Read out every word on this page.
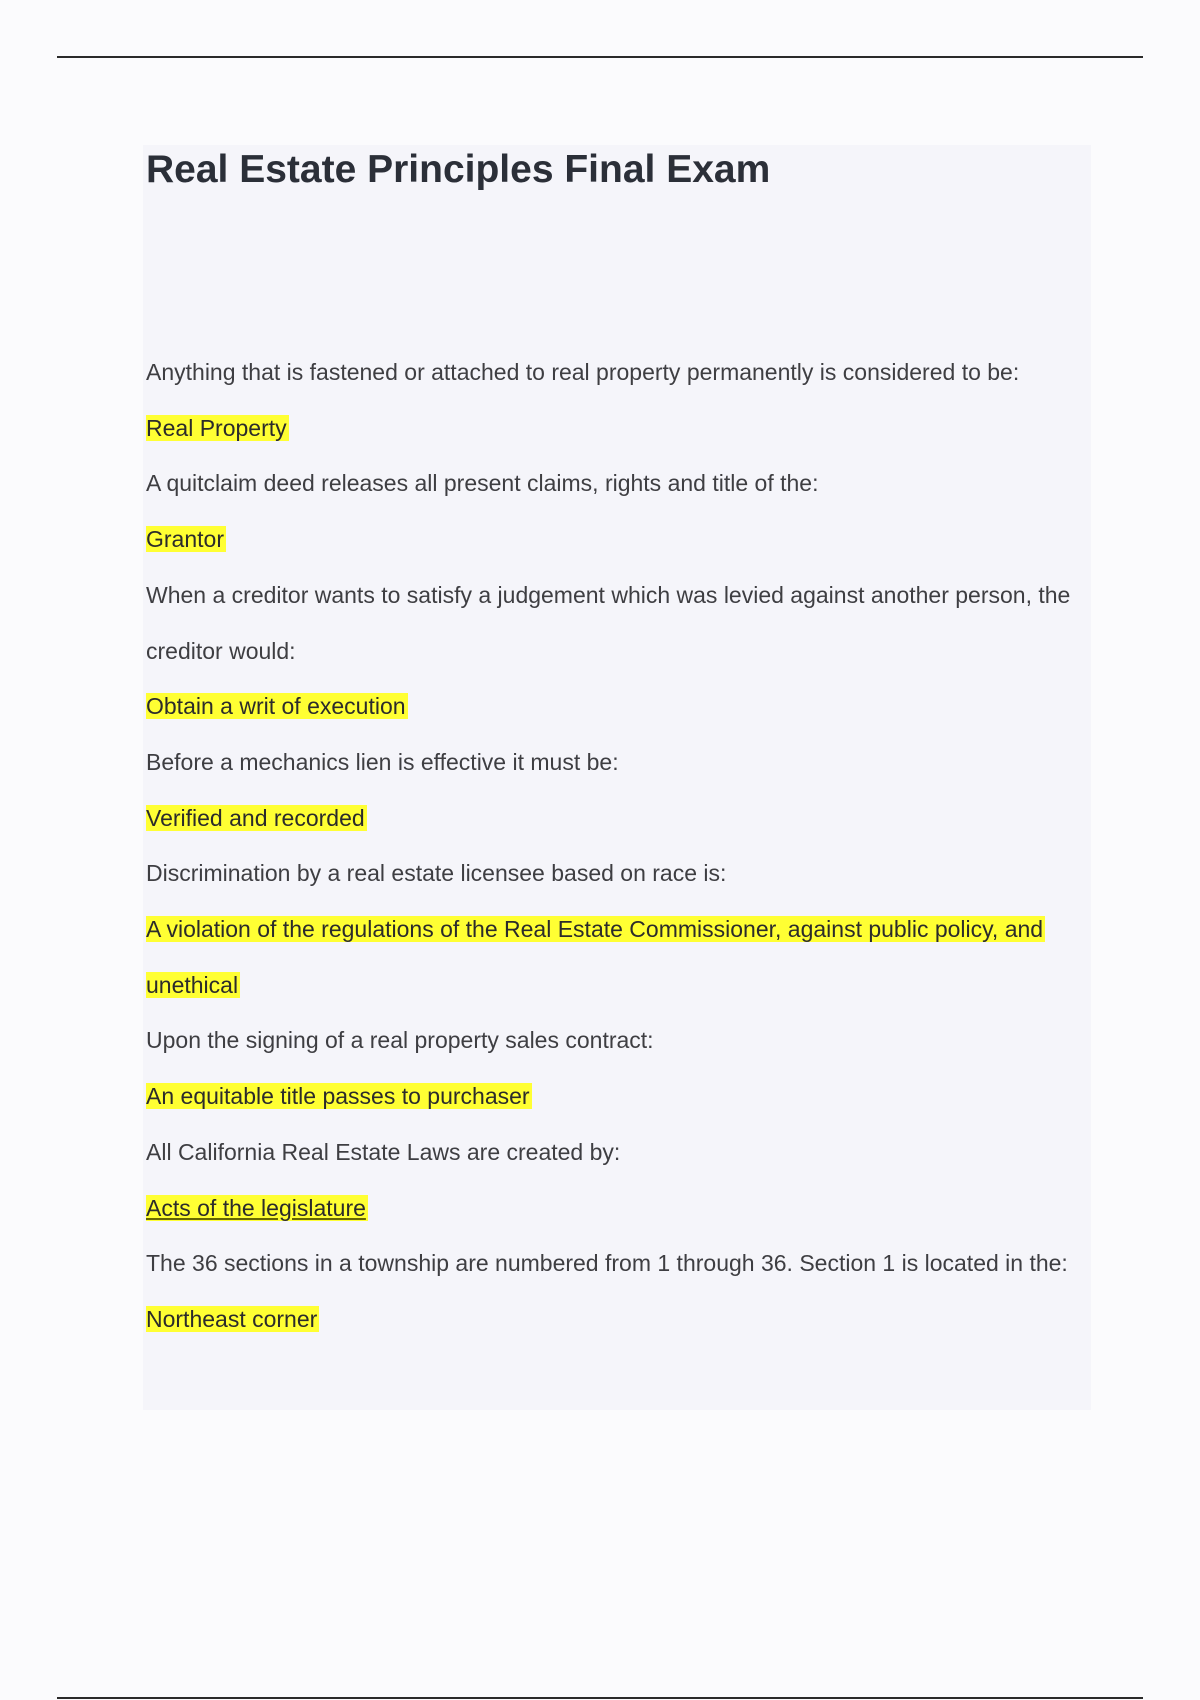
Real Estate Principles Final Exam

Anything that is fastened or attached to real property permanently is considered to be:

Real Property

A quitclaim deed releases all present claims, rights and title of the:

Grantor

When a creditor wants to satisfy a judgement which was levied against another person, the creditor would:

Obtain a writ of execution

Before a mechanics lien is effective it must be:

Verified and recorded

Discrimination by a real estate licensee based on race is:

A violation of the regulations of the Real Estate Commissioner, against public policy, and unethical

Upon the signing of a real property sales contract:

An equitable title passes to purchaser

All California Real Estate Laws are created by:

Acts of the legislature

The 36 sections in a township are numbered from 1 through 36. Section 1 is located in the:

Northeast corner
